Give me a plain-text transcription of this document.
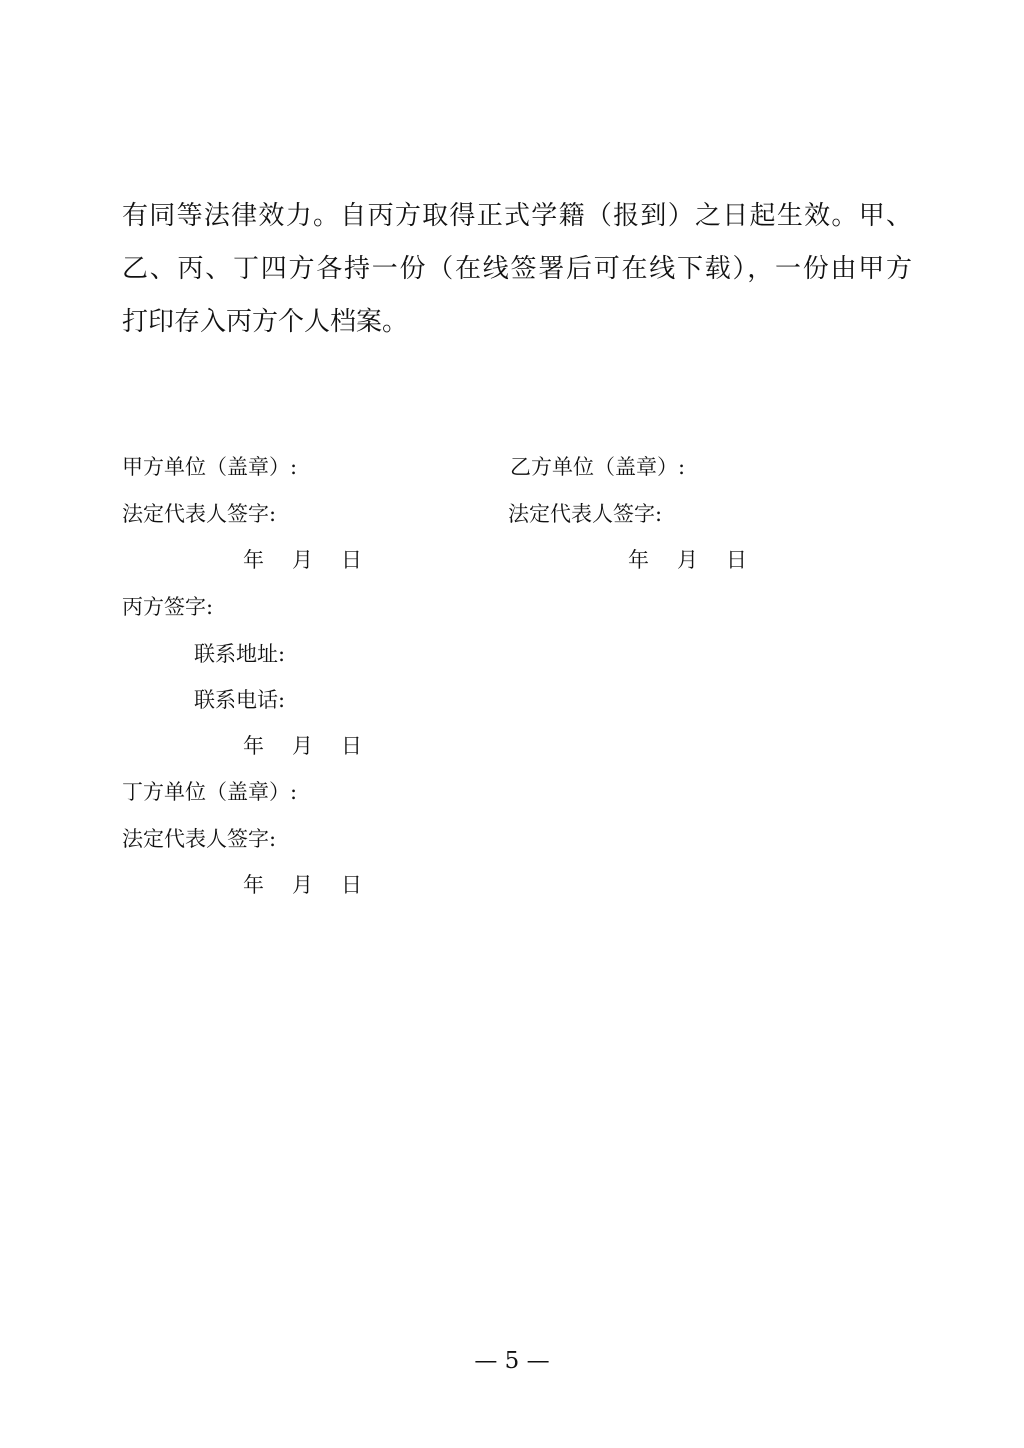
有同等法律效力。自丙方取得正式学籍（报到）之日起生效。甲、
乙、丙、丁四方各持一份（在线签署后可在线下载），一份由甲方
打印存入丙方个人档案。
甲方单位（盖章）:
法定代表人签字:
年 月 日
乙方单位（盖章）:
法定代表人签字:
年 月 日
丙方签字:
联系地址:
联系电话:
年 月 日
丁方单位（盖章）:
法定代表人签字:
年 月 日
— 5 —
